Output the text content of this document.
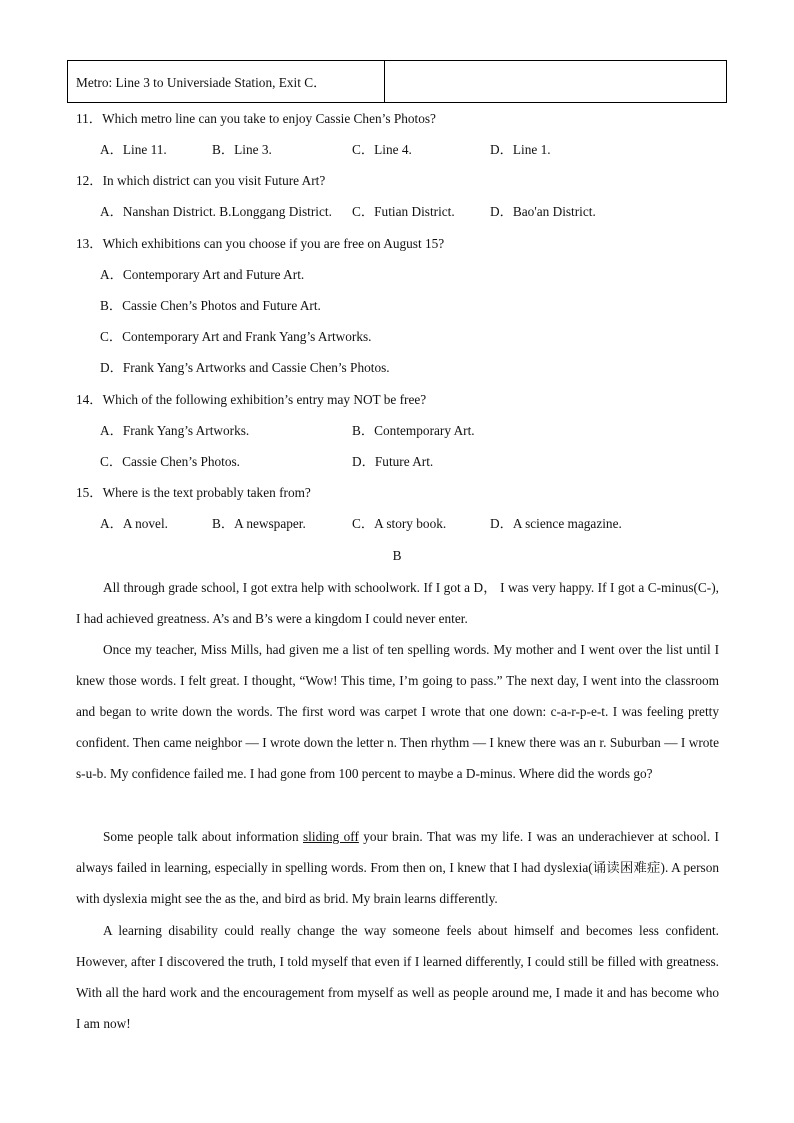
Metro: Line 3 to Universiade Station, Exit C．	
11．Which metro line can you take to enjoy Cassie Chen’s Photos?
A．Line 11.	B．Line 3.	C．Line 4.	D．Line 1.
12．In which district can you visit Future Art?
A．Nanshan District. B.Longgang District. C．Futian District.	D．Bao'an District.
13．Which exhibitions can you choose if you are free on August 15?
A．Contemporary Art and Future Art.
B．Cassie Chen’s Photos and Future Art.
C．Contemporary Art and Frank Yang’s Artworks.
D．Frank Yang’s Artworks and Cassie Chen’s Photos.
14．Which of the following exhibition’s entry may NOT be free?
A．Frank Yang’s Artworks.	B．Contemporary Art.
C．Cassie Chen’s Photos.	D．Future Art.
15．Where is the text probably taken from?
A．A novel.	B．A newspaper.	C．A story book.	D．A science magazine.
B
All through grade school, I got extra help with schoolwork. If I got a D， I was very happy. If I got a C-minus(C-), I had achieved greatness. A’s and B’s were a kingdom I could never enter.
Once my teacher, Miss Mills, had given me a list of ten spelling words. My mother and I went over the list until I knew those words. I felt great. I thought, “Wow! This time, I’m going to pass.” The next day, I went into the classroom and began to write down the words. The first word was carpet I wrote that one down: c-a-r-p-e-t. I was feeling pretty confident. Then came neighbor — I wrote down the letter n. Then rhythm — I knew there was an r. Suburban — I wrote s-u-b. My confidence failed me. I had gone from 100 percent to maybe a D-minus. Where did the words go?
Some people talk about information sliding off your brain. That was my life. I was an underachiever at school. I always failed in learning, especially in spelling words. From then on, I knew that I had dyslexia(诵读困难症). A person with dyslexia might see the as the, and bird as brid. My brain learns differently.
A learning disability could really change the way someone feels about himself and becomes less confident. However, after I discovered the truth, I told myself that even if I learned differently, I could still be filled with greatness. With all the hard work and the encouragement from myself as well as people around me, I made it and has become who I am now!
